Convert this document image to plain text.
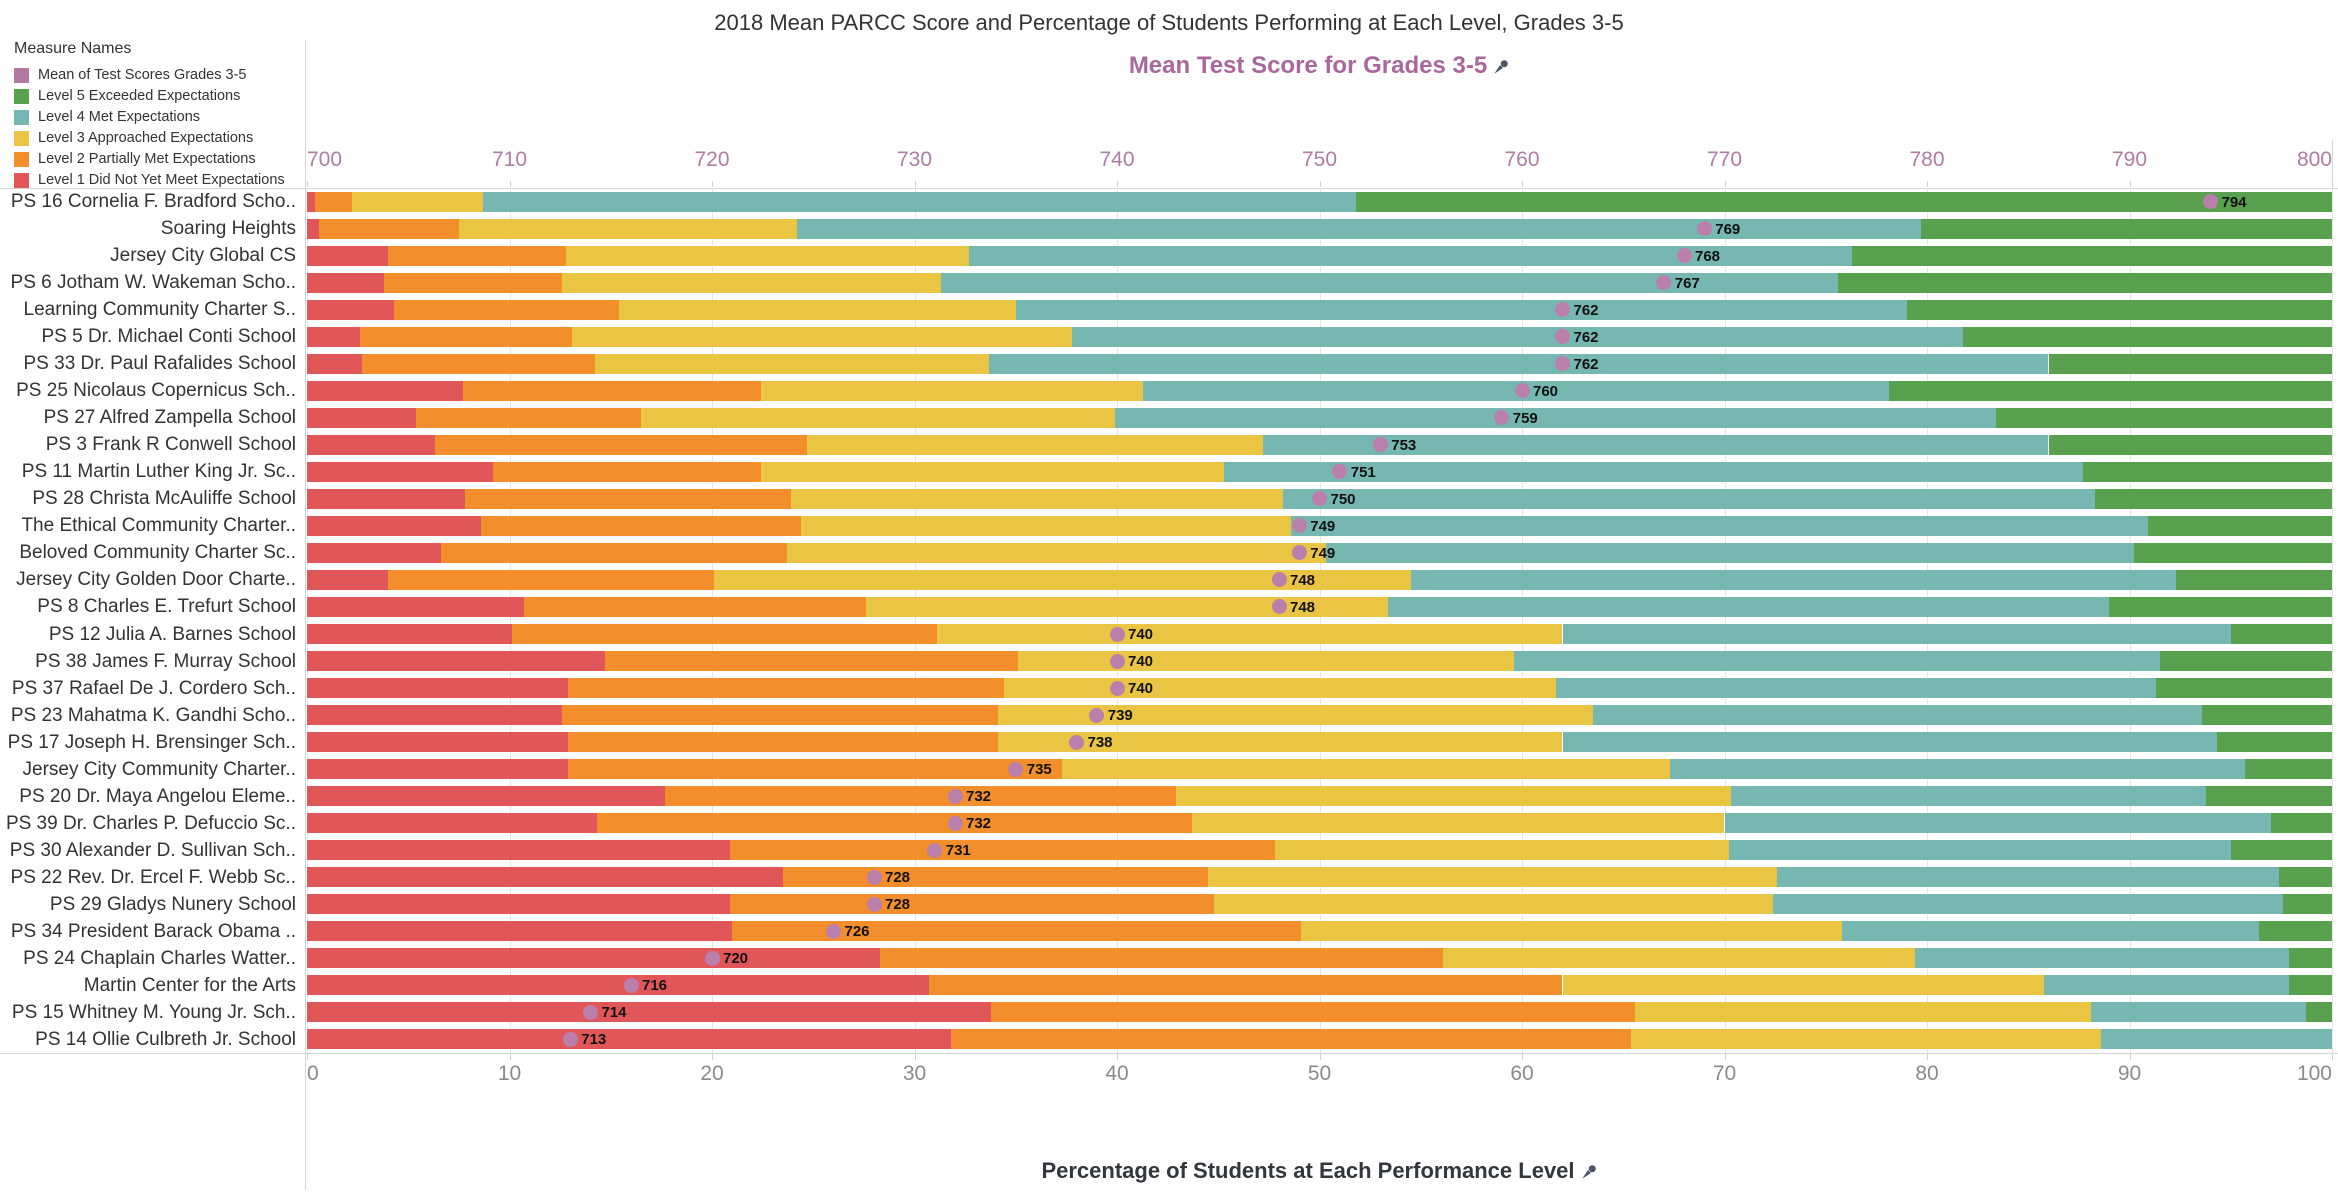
2018 Mean PARCC Score and Percentage of Students Performing at Each Level, Grades 3-5
Mean Test Score for Grades 3-5
Measure Names
Mean of Test Scores Grades 3-5
Level 5 Exceeded Expectations
Level 4 Met Expectations
Level 3 Approached Expectations
Level 2 Partially Met Expectations
Level 1 Did Not Yet Meet Expectations
700	710	720	730	740	750	760	770	780	790	800
0	10	20	30	40	50	60	70	80	90	100
794
769
768
767
762
762
762
760
759
753
751
750
749
749
748
748
740
740
740
739
738
735
732
732
731
728
728
726
720
716
714
713
PS 16 Cornelia F. Bradford Scho..
Soaring Heights
Jersey City Global CS
PS 6 Jotham W. Wakeman Scho..
Learning Community Charter S..
PS 5 Dr. Michael Conti School
PS 33 Dr. Paul Rafalides School
PS 25 Nicolaus Copernicus Sch..
PS 27 Alfred Zampella School
PS 3 Frank R Conwell School
PS 11 Martin Luther King Jr. Sc..
PS 28 Christa McAuliffe School
The Ethical Community Charter..
Beloved Community Charter Sc..
Jersey City Golden Door Charte..
PS 8 Charles E. Trefurt School
PS 12 Julia A. Barnes School
PS 38 James F. Murray School
PS 37 Rafael De J. Cordero Sch..
PS 23 Mahatma K. Gandhi Scho..
PS 17 Joseph H. Brensinger Sch..
Jersey City Community Charter..
PS 20 Dr. Maya Angelou Eleme..
PS 39 Dr. Charles P. Defuccio Sc..
PS 30 Alexander D. Sullivan Sch..
PS 22 Rev. Dr. Ercel F. Webb Sc..
PS 29 Gladys Nunery School
PS 34 President Barack Obama ..
PS 24 Chaplain Charles Watter..
Martin Center for the Arts
PS 15 Whitney M. Young Jr. Sch..
PS 14 Ollie Culbreth Jr. School
Percentage of Students at Each Performance Level
